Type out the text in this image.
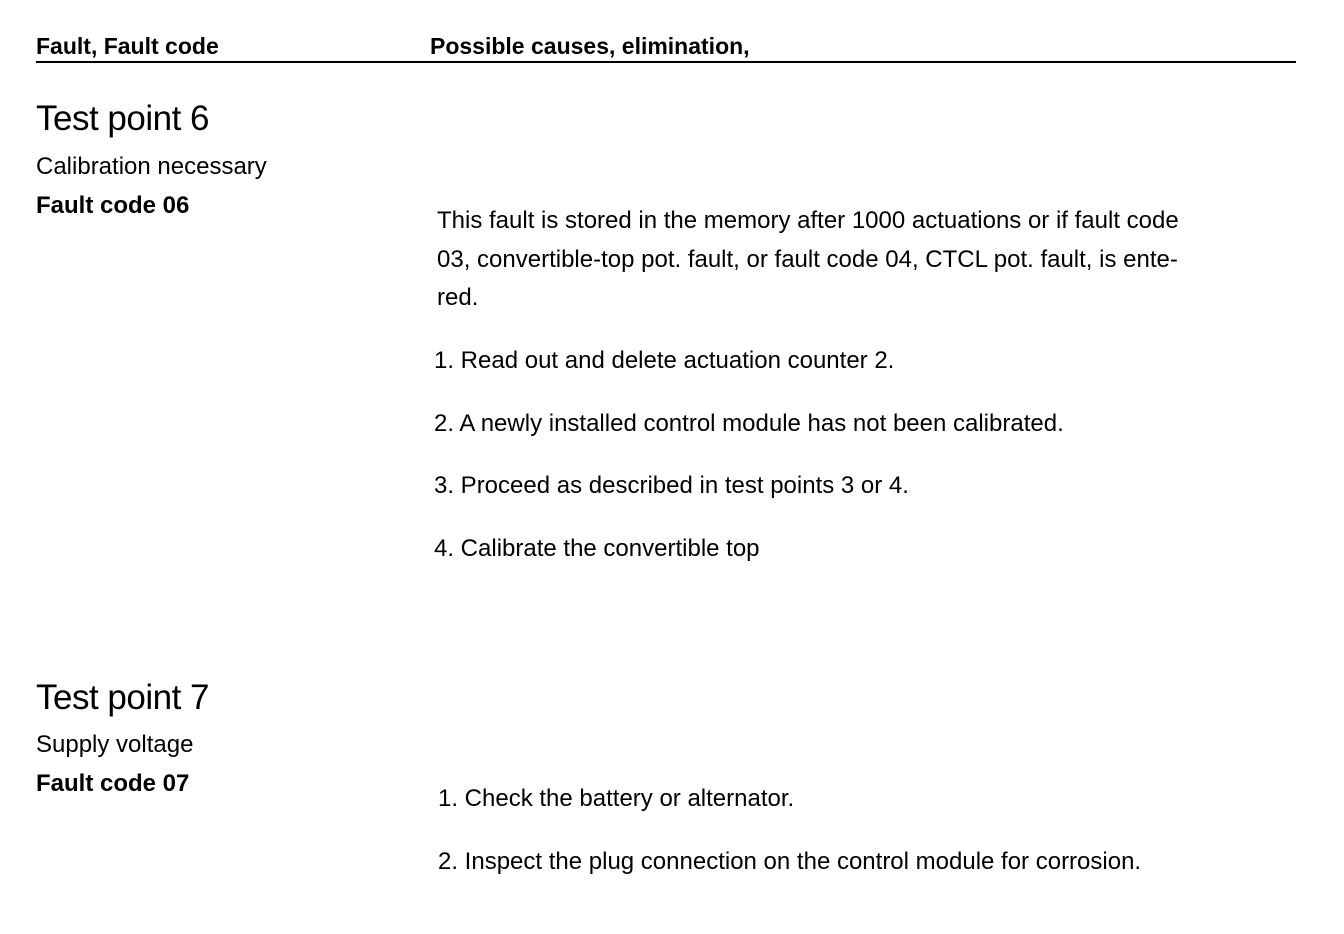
Fault, Fault code	Possible causes, elimination,
Test point 6
Calibration necessary
Fault code 06
This fault is stored in the memory after 1000 actuations or if fault code
03, convertible-top pot. fault, or fault code 04, CTCL pot. fault, is ente-
red.
1. Read out and delete actuation counter 2.
2. A newly installed control module has not been calibrated.
3. Proceed as described in test points 3 or 4.
4. Calibrate the convertible top
Test point 7
Supply voltage
Fault code 07
1. Check the battery or alternator.
2. Inspect the plug connection on the control module for corrosion.
